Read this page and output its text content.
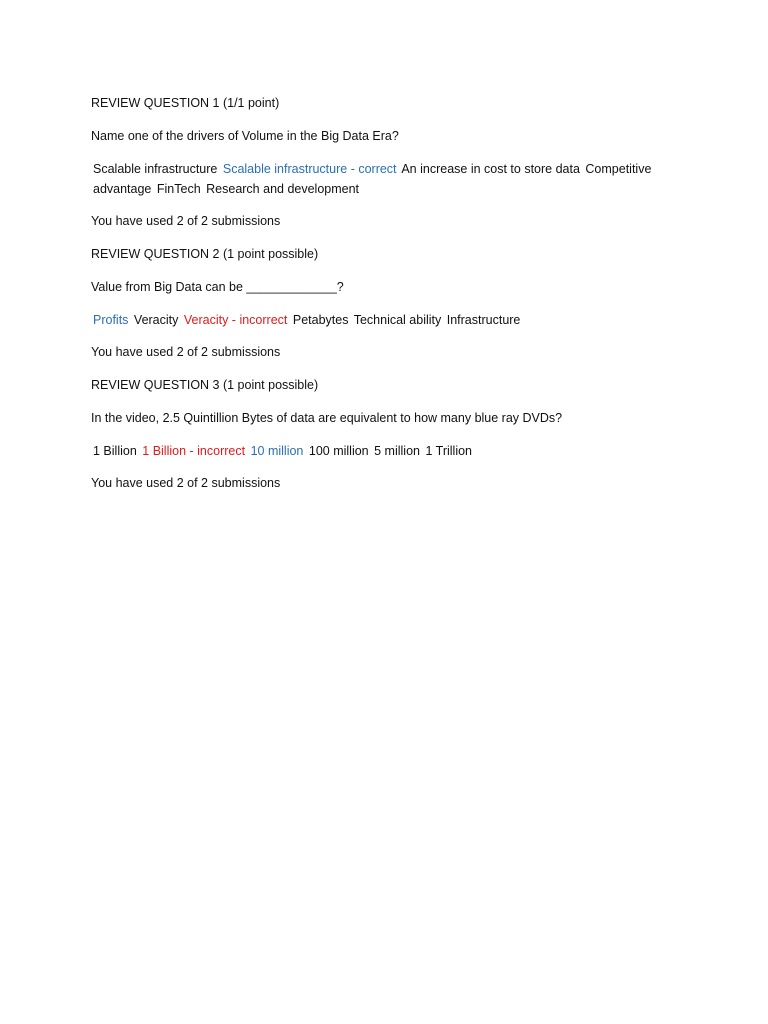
REVIEW QUESTION 1 (1/1 point)
Name one of the drivers of Volume in the Big Data Era?
Scalable infrastructure Scalable infrastructure - correct An increase in cost to store data Competitive advantage FinTech Research and development
You have used 2 of 2 submissions
REVIEW QUESTION 2 (1 point possible)
Value from Big Data can be _____________?
Profits Veracity Veracity - incorrect Petabytes Technical ability Infrastructure
You have used 2 of 2 submissions
REVIEW QUESTION 3 (1 point possible)
In the video, 2.5 Quintillion Bytes of data are equivalent to how many blue ray DVDs?
1 Billion 1 Billion - incorrect 10 million 100 million 5 million 1 Trillion
You have used 2 of 2 submissions
